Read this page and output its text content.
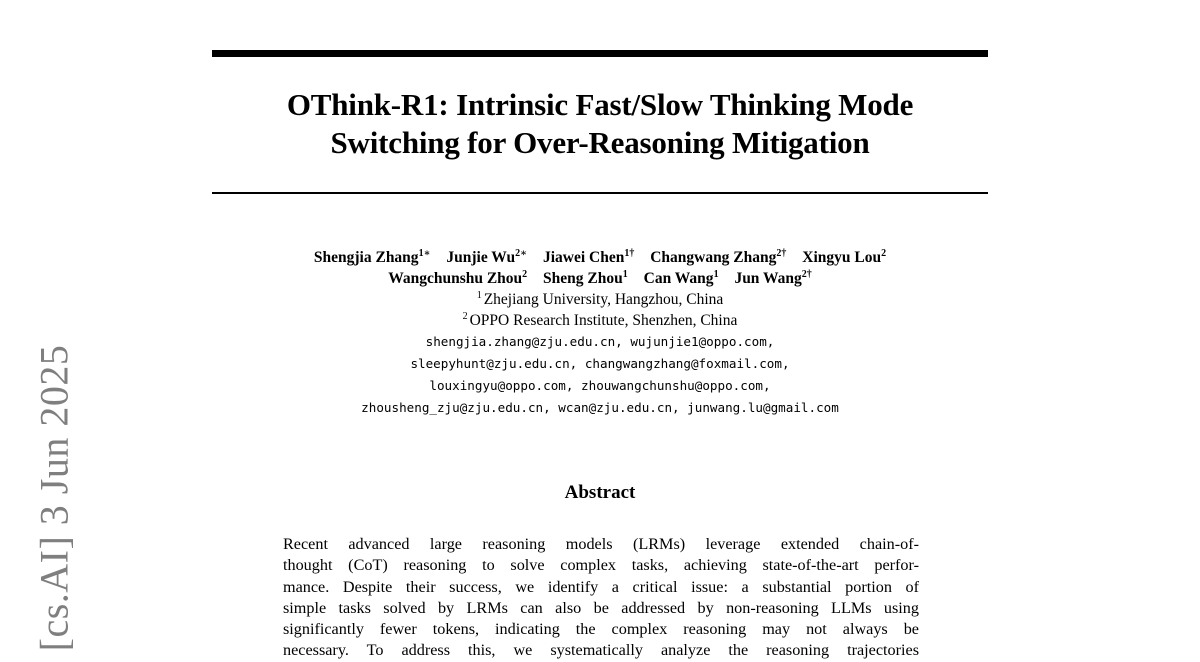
OThink-R1: Intrinsic Fast/Slow Thinking Mode
Switching for Over-Reasoning Mitigation
Shengjia Zhang$^{1∗}$ Junjie $Wu^{2∗}$ Jiawei Chen$^{1\dagger}$ Changwang Zhang$^{2\dagger}$ Xingyu Lou$^2$
Wangchunshu Zhou$^2$ Sheng Zhou$^1$ Can Wang$^1$ Jun Wang$^{2\dagger}$
$^1$ Zhejiang University, Hangzhou, China
$^2$ OPPO Research Institute, Shenzhen, China
shengjia.zhang@zju.edu.cn, wujunjie1@oppo.com,
sleepyhunt@zju.edu.cn, changwangzhang@foxmail.com,
louxingyu@oppo.com, zhouwangchunshu@oppo.com,
zhousheng_zju@zju.edu.cn, wcan@zju.edu.cn, junwang.lu@gmail.com
Abstract
Recent advanced large reasoning models (LRMs) leverage extended chain-of-
thought (CoT) reasoning to solve complex tasks, achieving state-of-the-art perfor-
mance. Despite their success, we identify a critical issue: a substantial portion of
simple tasks solved by LRMs can also be addressed by non-reasoning LLMs using
significantly fewer tokens, indicating the complex reasoning may not always be
necessary. To address this, we systematically analyze the reasoning trajectories
[cs.AI] 3 Jun 2025
